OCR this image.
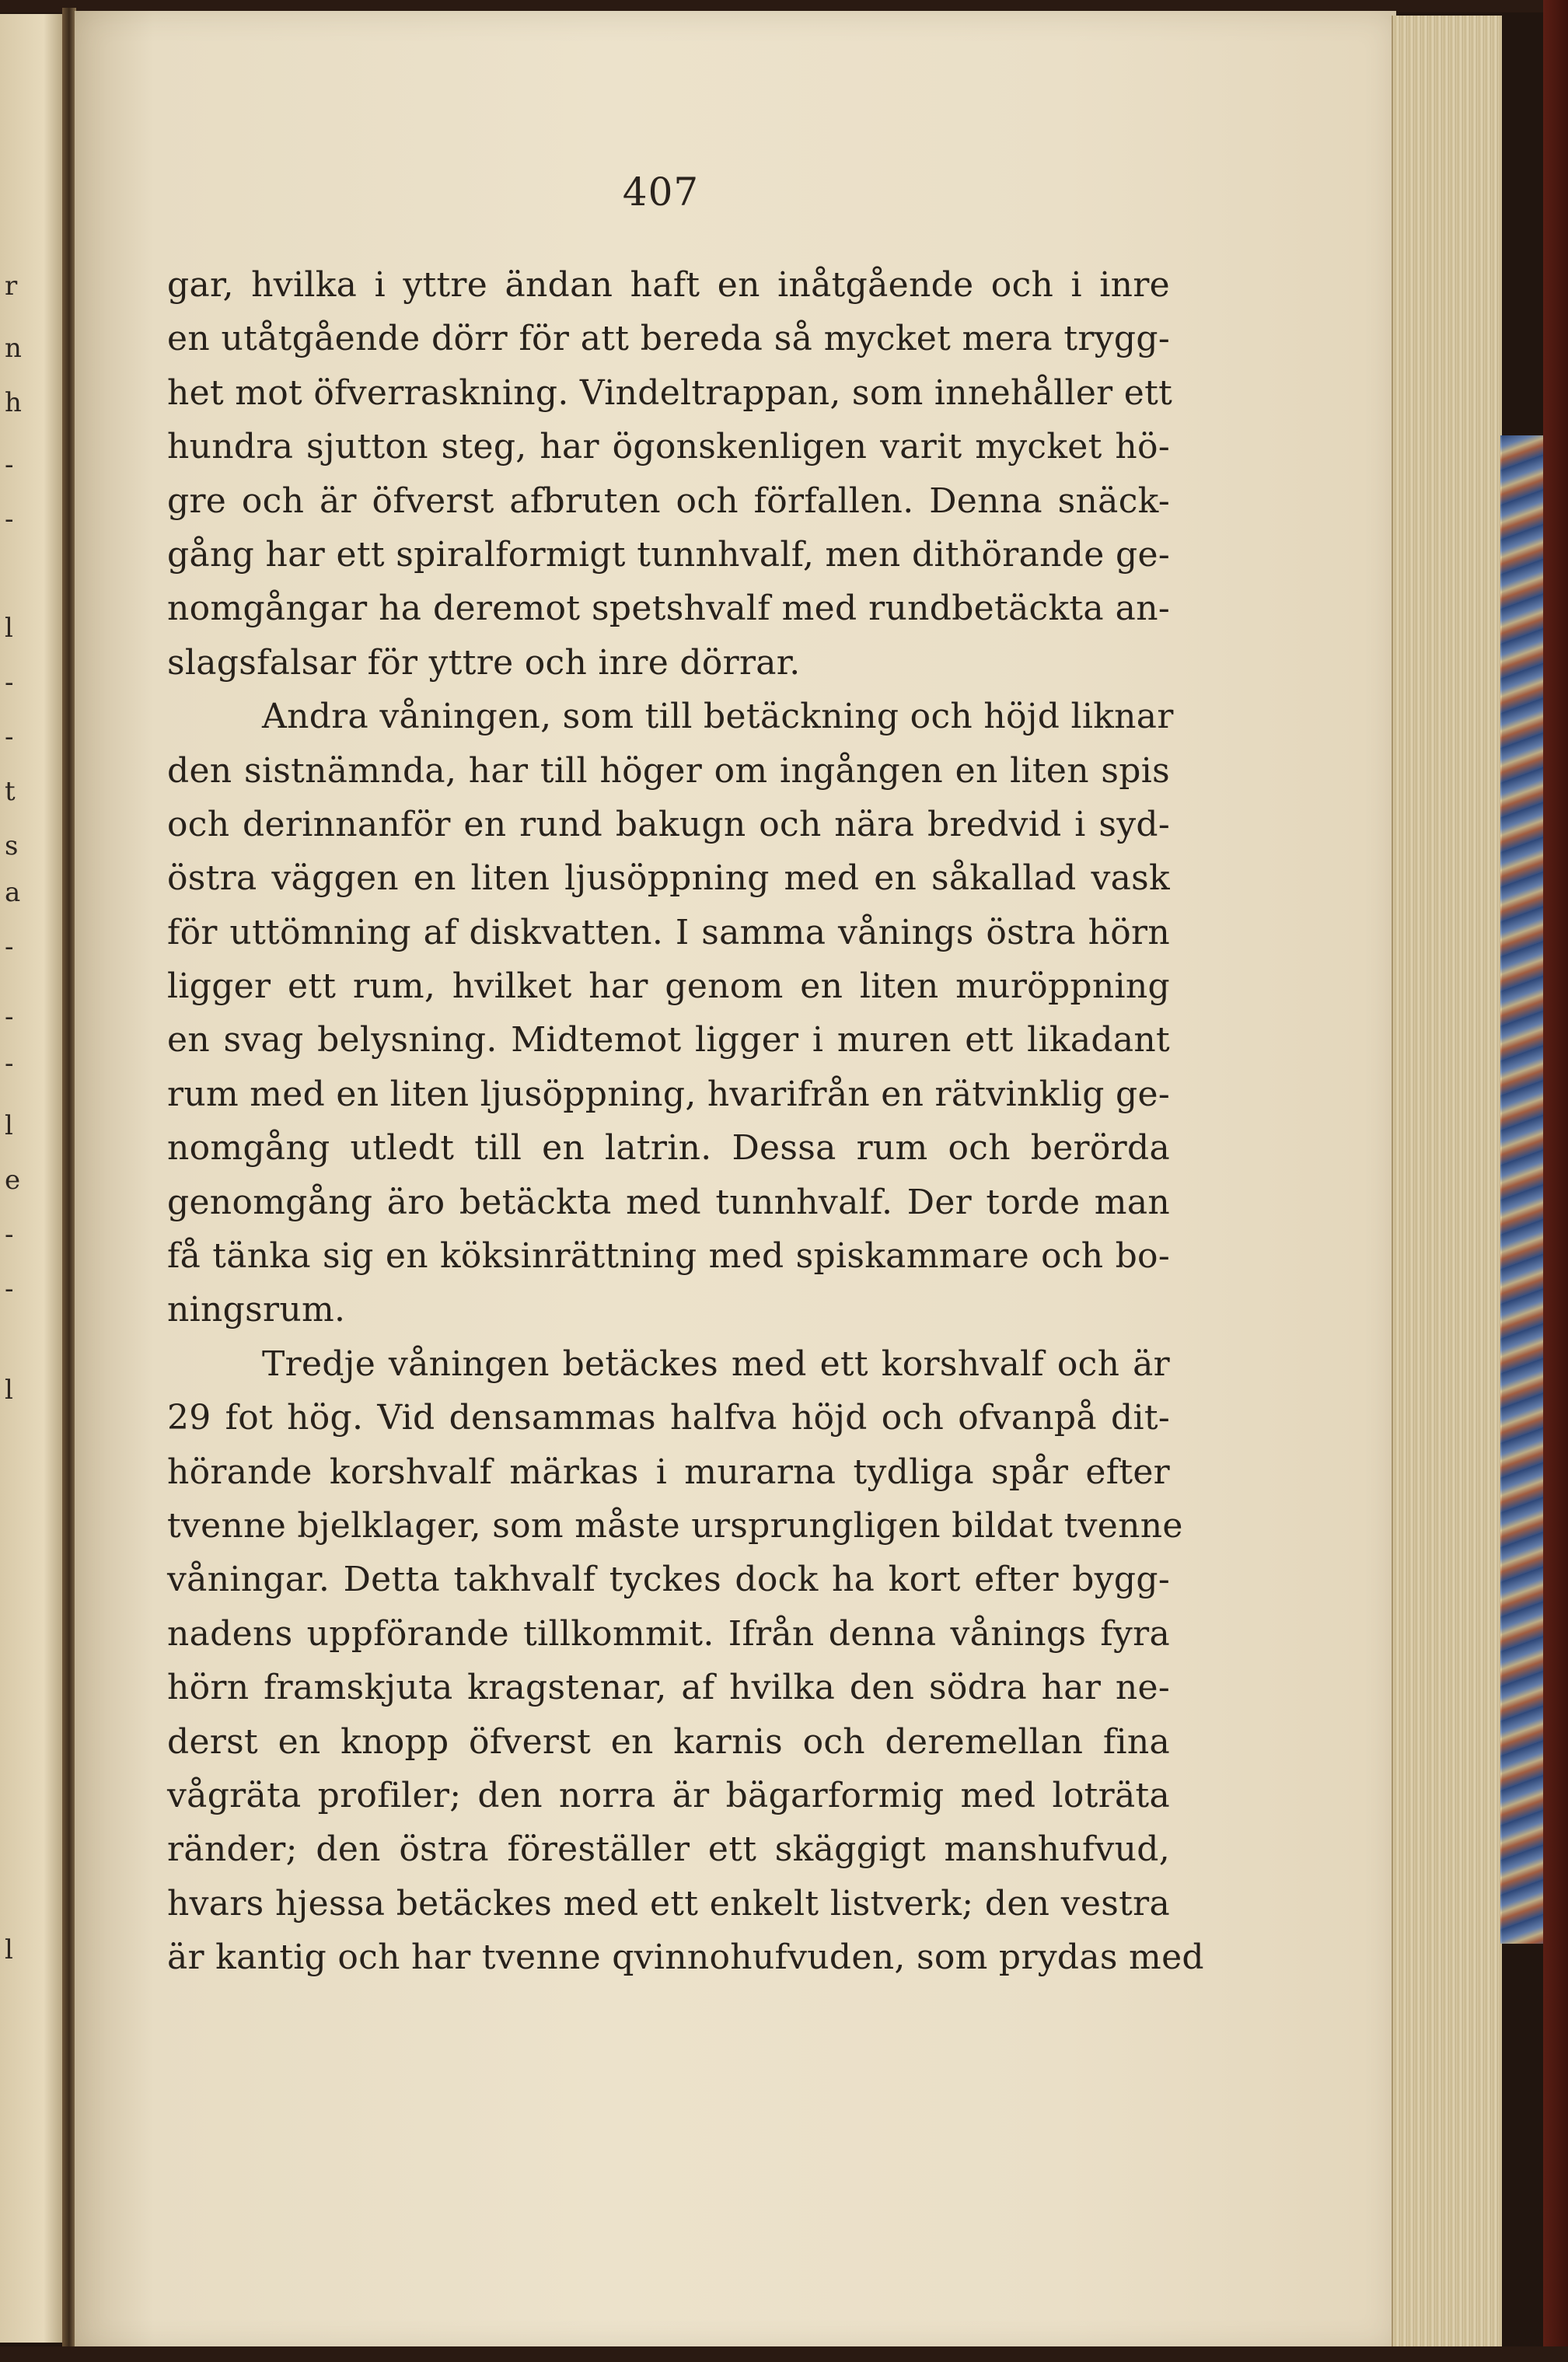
r
n
h
-
-
l
-
-
t
s
a
-
-
-
l
e
-
-
l
l
407
gar, hvilka i yttre ändan haft en inåtgående och i inre
en utåtgående dörr för att bereda så mycket mera trygg-
het mot öfverraskning. Vindeltrappan, som innehåller ett
hundra sjutton steg, har ögonskenligen varit mycket hö-
gre och är öfverst afbruten och förfallen. Denna snäck-
gång har ett spiralformigt tunnhvalf, men dithörande ge-
nomgångar ha deremot spetshvalf med rundbetäckta an-
slagsfalsar för yttre och inre dörrar.
Andra våningen, som till betäckning och höjd liknar
den sistnämnda, har till höger om ingången en liten spis
och derinnanför en rund bakugn och nära bredvid i syd-
östra väggen en liten ljusöppning med en såkallad vask
för uttömning af diskvatten. I samma vånings östra hörn
ligger ett rum, hvilket har genom en liten muröppning
en svag belysning. Midtemot ligger i muren ett likadant
rum med en liten ljusöppning, hvarifrån en rätvinklig ge-
nomgång utledt till en latrin. Dessa rum och berörda
genomgång äro betäckta med tunnhvalf. Der torde man
få tänka sig en köksinrättning med spiskammare och bo-
ningsrum.
Tredje våningen betäckes med ett korshvalf och är
29 fot hög. Vid densammas halfva höjd och ofvanpå dit-
hörande korshvalf märkas i murarna tydliga spår efter
tvenne bjelklager, som måste ursprungligen bildat tvenne
våningar. Detta takhvalf tyckes dock ha kort efter bygg-
nadens uppförande tillkommit. Ifrån denna vånings fyra
hörn framskjuta kragstenar, af hvilka den södra har ne-
derst en knopp öfverst en karnis och deremellan fina
vågräta profiler; den norra är bägarformig med loträta
ränder; den östra föreställer ett skäggigt manshufvud,
hvars hjessa betäckes med ett enkelt listverk; den vestra
är kantig och har tvenne qvinnohufvuden, som prydas med
